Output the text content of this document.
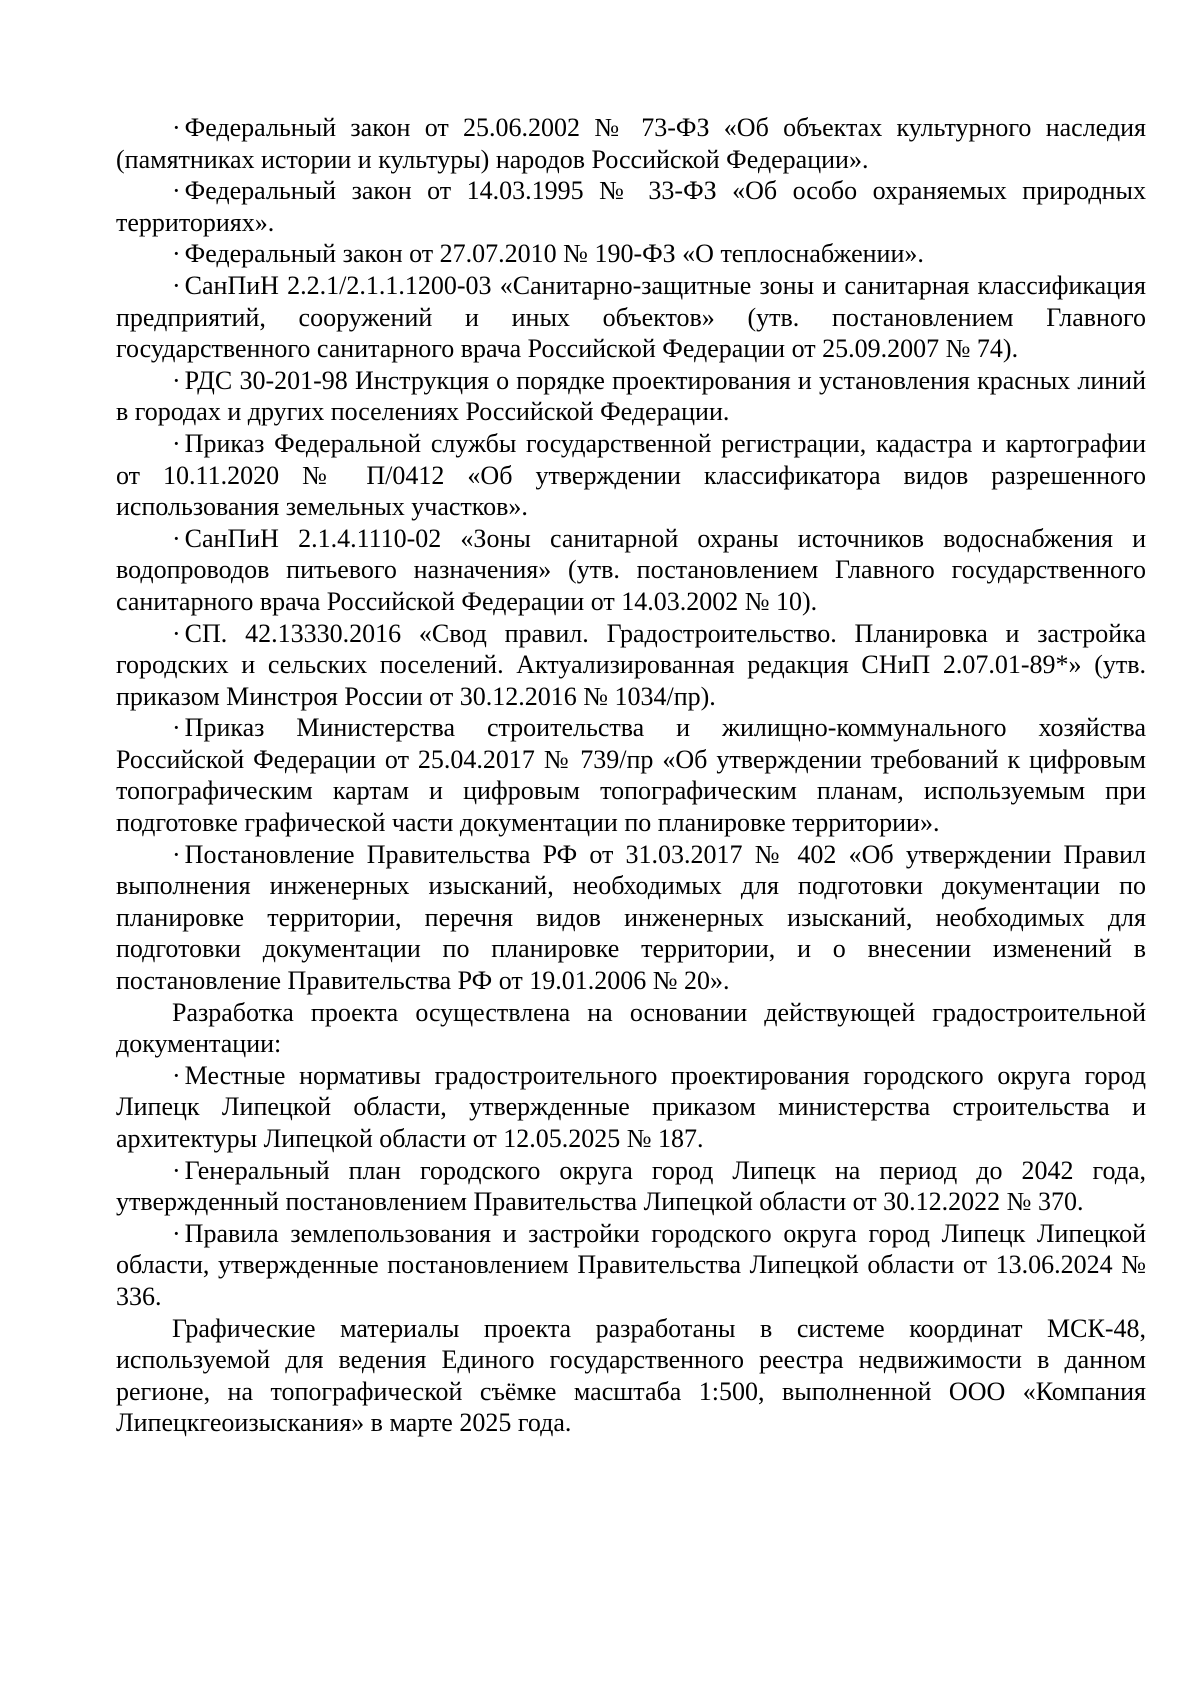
· Федеральный закон от 25.06.2002 № 73-ФЗ «Об объектах культурного наследия (памятниках истории и культуры) народов Российской Федерации».

· Федеральный закон от 14.03.1995 № 33-ФЗ «Об особо охраняемых природных территориях».

· Федеральный закон от 27.07.2010 № 190-ФЗ «О теплоснабжении».

· СанПиН 2.2.1/2.1.1.1200-03 «Санитарно-защитные зоны и санитарная классификация предприятий, сооружений и иных объектов» (утв. постановлением Главного государственного санитарного врача Российской Федерации от 25.09.2007 № 74).

· РДС 30-201-98 Инструкция о порядке проектирования и установления красных линий в городах и других поселениях Российской Федерации.

· Приказ Федеральной службы государственной регистрации, кадастра и картографии от 10.11.2020 № П/0412 «Об утверждении классификатора видов разрешенного использования земельных участков».

· СанПиН 2.1.4.1110-02 «Зоны санитарной охраны источников водоснабжения и водопроводов питьевого назначения» (утв. постановлением Главного государственного санитарного врача Российской Федерации от 14.03.2002 № 10).

· СП. 42.13330.2016 «Свод правил. Градостроительство. Планировка и застройка городских и сельских поселений. Актуализированная редакция СНиП 2.07.01-89*» (утв. приказом Минстроя России от 30.12.2016 № 1034/пр).

· Приказ Министерства строительства и жилищно-коммунального хозяйства Российской Федерации от 25.04.2017 № 739/пр «Об утверждении требований к цифровым топографическим картам и цифровым топографическим планам, используемым при подготовке графической части документации по планировке территории».

· Постановление Правительства РФ от 31.03.2017 № 402 «Об утверждении Правил выполнения инженерных изысканий, необходимых для подготовки документации по планировке территории, перечня видов инженерных изысканий, необходимых для подготовки документации по планировке территории, и о внесении изменений в постановление Правительства РФ от 19.01.2006 № 20».

Разработка проекта осуществлена на основании действующей градостроительной документации:

· Местные нормативы градостроительного проектирования городского округа город Липецк Липецкой области, утвержденные приказом министерства строительства и архитектуры Липецкой области от 12.05.2025 № 187.

· Генеральный план городского округа город Липецк на период до 2042 года, утвержденный постановлением Правительства Липецкой области от 30.12.2022 № 370.

· Правила землепользования и застройки городского округа город Липецк Липецкой области, утвержденные постановлением Правительства Липецкой области от 13.06.2024 № 336.

Графические материалы проекта разработаны в системе координат МСК-48, используемой для ведения Единого государственного реестра недвижимости в данном регионе, на топографической съёмке масштаба 1:500, выполненной ООО «Компания Липецкгеоизыскания» в марте 2025 года.
